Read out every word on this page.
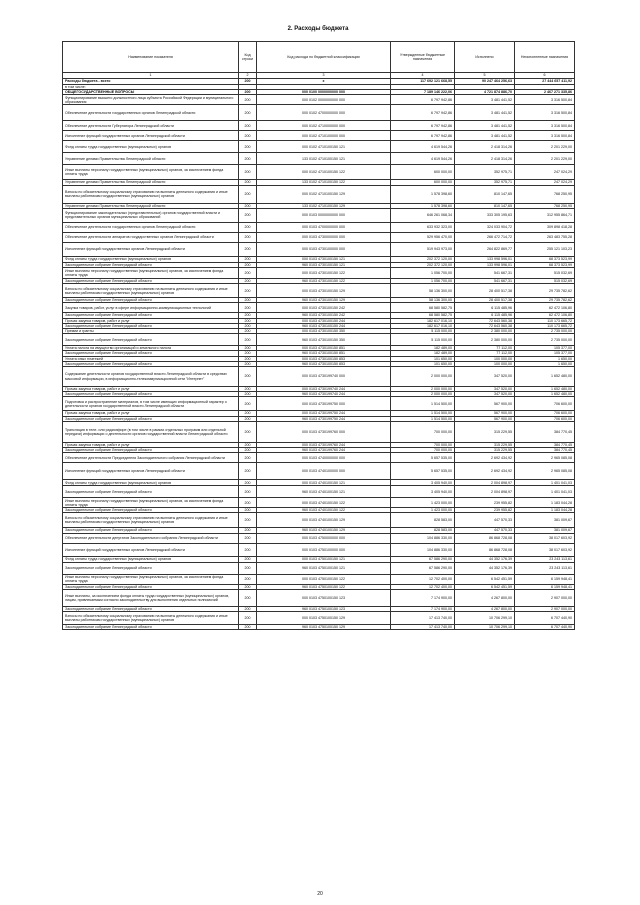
2. Расходы бюджета
Наименование показателя	Код строки	Код расхода по бюджетной классификации	Утвержденные бюджетные назначения	Исполнено	Неисполненные назначения
1	2	3	4	5	6
Расходы бюджета - всего	200	x	117 692 121 668,55	90 247 464 256,63	27 444 657 411,92
в том числе:					
ОБЩЕГОСУДАРСТВЕННЫЕ ВОПРОСЫ	200	000 0100 0000000000 000	7 189 146 222,06	4 721 874 886,70	2 467 271 335,86
Функционирование высшего должностного лица субъекта Российской Федерации и муниципального образования	200	000 0102 0000000000 000	6 797 942,86	3 481 441,52	3 316 500,84
Обеспечение деятельности государственных органов Ленинградской области	200	000 0102 4700000000 000	6 797 942,86	3 481 441,52	3 316 500,84
Обеспечение деятельности Губернатора Ленинградской области	200	000 0102 4710000000 000	6 797 942,86	3 481 441,52	3 316 500,84
Исполнение функций государственных органов Ленинградской области	200	000 0102 4710100000 000	6 797 942,86	3 481 441,52	3 316 500,84
Фонд оплаты труда государственных (муниципальных) органов	200	000 0102 4710100150 121	4 619 544,26	2 418 314,26	2 201 229,00
Управление делами Правительства Ленинградской области	200	133 0102 4710100150 121	4 619 544,26	2 418 314,26	2 201 229,00
Иные выплаты персоналу государственных (муниципальных) органов, за исключением фонда оплаты труда	200	000 0102 4710100150 122	600 000,00	352 975,71	247 024,29
Управление делами Правительства Ленинградской области	200	133 0102 4710100150 122	600 000,00	352 975,71	247 024,29
Взносы по обязательному социальному страхованию на выплаты денежного содержания и иные выплаты работникам государственных (муниципальных) органов	200	000 0102 4710100150 129	1 578 398,60	810 147,65	768 250,95
Управление делами Правительства Ленинградской области	200	133 0102 4710100150 129	1 578 398,60	810 147,65	768 250,95
Функционирование законодательных (представительных) органов государственной власти и представительных органов муниципальных образований	200	000 0103 0000000000 000	646 261 068,34	333 305 195,63	312 955 864,71
Обеспечение деятельности государственных органов Ленинградской области	200	000 0103 4700000000 000	633 932 323,00	324 033 904,72	309 898 418,28
Обеспечение деятельности аппаратов государственных органов Ленинградской области	200	000 0103 4730000000 000	529 956 470,00	266 472 714,72	263 483 755,28
Исполнение функций государственных органов Ленинградской области	200	000 0103 4730100000 000	519 943 973,00	264 822 869,77	255 121 103,23
Фонд оплаты труда государственных (муниципальных) органов	200	000 0103 4730100150 121	202 372 120,00	133 998 596,01	68 373 523,99
Законодательное собрание Ленинградской области	200	960 0103 4730100150 121	202 372 120,00	133 998 596,01	68 373 523,99
Иные выплаты персоналу государственных (муниципальных) органов, за исключением фонда оплаты труда	200	000 0103 4730100150 122	1 056 700,00	541 667,31	515 032,69
Законодательное собрание Ленинградской области	200	960 0103 4730100150 122	1 056 700,00	541 667,31	515 032,69
Взносы по обязательному социальному страхованию на выплаты денежного содержания и иные выплаты работникам государственных (муниципальных) органов	200	000 0103 4730100150 129	58 136 300,00	28 400 517,38	29 735 782,62
Законодательное собрание Ленинградской области	200	960 0103 4730100150 129	58 136 300,00	28 400 517,38	29 735 782,62
Закупка товаров, работ, услуг в сфере информационно-коммуникационных технологий	200	000 0103 4730100150 242	68 580 582,75	6 115 485,96	62 472 106,80
Законодательное собрание Ленинградской области	200	960 0103 4730100150 242	68 580 582,75	6 115 485,96	62 472 106,80
Прочая закупка товаров, работ и услуг	200	000 0103 4730100150 244	182 617 016,10	72 643 560,38	110 173 665,72
Законодательное собрание Ленинградской области	200	960 0103 4730100150 244	182 617 016,10	72 643 560,38	110 173 665,72
Премии и гранты	200	000 0103 4730100150 350	5 115 000,00	2 380 000,00	2 735 000,00
Законодательное собрание Ленинградской области	200	960 0103 4730100150 350	5 115 000,00	2 380 000,00	2 735 000,00
Уплата налога на имущество организаций и земельного налога	200	000 0103 4730100150 851	182 489,00	77 112,00	105 377,00
Законодательное собрание Ленинградской области	200	960 0103 4730100150 851	182 489,00	77 112,00	105 377,00
Уплата иных платежей	200	000 0103 4730100150 853	101 650,00	100 000,00	1 650,00
Законодательное собрание Ленинградской области	200	960 0103 4730100150 853	101 650,00	100 000,00	1 650,00
Содержание деятельности органов государственной власти Ленинградской области в средствах массовой информации, в информационно-телекоммуникационной сети "Интернет"	200	000 0103 4730199740 000	2 000 000,00	347 520,00	1 652 480,00
Прочая закупка товаров, работ и услуг	200	000 0103 4730199740 244	2 000 000,00	347 520,00	1 652 480,00
Законодательное собрание Ленинградской области	200	960 0103 4730199740 244	2 000 000,00	347 520,00	1 652 480,00
Подготовка и распространение материалов, в том числе имеющих информационный характер о деятельности органов государственной власти Ленинградской области	200	000 0103 4730199750 000	1 514 500,00	567 900,00	706 600,00
Прочая закупка товаров, работ и услуг	200	000 0103 4730199750 244	1 514 500,00	567 900,00	706 600,00
Законодательное собрание Ленинградской области	200	960 0103 4730199750 244	1 514 500,00	567 900,00	706 600,00
Трансляция в теле- или радиоэфире (в том числе в рамках отдельных программ или отдельной передачи) информации о деятельности органов государственной власти Ленинградской области	200	000 0103 4730199760 000	700 000,00	315 229,55	384 770,45
Прочая закупка товаров, работ и услуг	200	000 0103 4730199760 244	700 000,00	315 229,55	384 770,45
Законодательное собрание Ленинградской области	200	960 0103 4730199760 244	700 000,00	315 229,55	384 770,45
Обеспечение деятельности Председателя Законодательного собрания Ленинградской области	200	000 0103 4740000000 000	5 657 535,00	2 692 434,92	2 965 085,08
Исполнение функций государственных органов Ленинградской области	200	000 0103 4740100000 000	5 657 535,00	2 692 434,92	2 965 085,08
Фонд оплаты труда государственных (муниципальных) органов	200	000 0103 4740100150 121	3 405 940,00	2 004 898,97	1 401 041,03
Законодательное собрание Ленинградской области	200	960 0103 4740100150 121	3 405 940,00	2 004 898,97	1 401 041,03
Иные выплаты персоналу государственных (муниципальных) органов, за исключением фонда оплаты труда	200	000 0103 4740100150 122	1 423 000,00	239 955,82	1 183 044,28
Законодательное собрание Ленинградской области	200	960 0103 4740100150 122	1 423 000,00	239 955,82	1 183 044,28
Взносы по обязательному социальному страхованию на выплаты денежного содержания и иные выплаты работникам государственных (муниципальных) органов	200	000 0103 4740100150 129	828 583,00	447 570,33	381 009,67
Законодательное собрание Ленинградской области	200	960 0103 4740100150 129	828 583,00	447 570,33	381 009,67
Обеспечение деятельности депутатов Законодательного собрания Ленинградской области	200	000 0103 4750000000 000	104 886 330,00	86 868 728,08	38 017 603,92
Исполнение функций государственных органов Ленинградской области	200	000 0103 4750100000 000	104 886 330,00	86 868 728,08	38 017 603,92
Фонд оплаты труда государственных (муниципальных) органов	200	000 0103 4750100150 121	67 586 290,00	44 352 176,39	23 243 113,61
Законодательное собрание Ленинградской области	200	960 0103 4750100150 121	67 586 290,00	44 352 176,39	23 243 113,61
Иные выплаты персоналу государственных (муниципальных) органов, за исключением фонда оплаты труда	200	000 0103 4750100150 122	12 702 400,00	6 542 451,59	6 159 948,41
Законодательное собрание Ленинградской области	200	960 0103 4750100150 122	12 702 400,00	6 542 451,59	6 159 948,41
Иные выплаты, за исключением фонда оплаты труда государственных (муниципальных) органов, лицам, привлекаемым согласно законодательству для выполнения отдельных полномочий	200	000 0103 4750100150 123	7 174 900,00	4 267 800,00	2 907 000,00
Законодательное собрание Ленинградской области	200	960 0103 4750100150 123	7 174 900,00	4 267 800,00	2 907 000,00
Взносы по обязательному социальному страхованию на выплаты денежного содержания и иные выплаты работникам государственных (муниципальных) органов	200	000 0103 4750100150 129	17 413 740,00	10 706 299,10	6 707 440,90
Законодательное собрание Ленинградской области	200	960 0103 4750100150 129	17 413 740,00	10 706 299,10	6 707 440,90
20
